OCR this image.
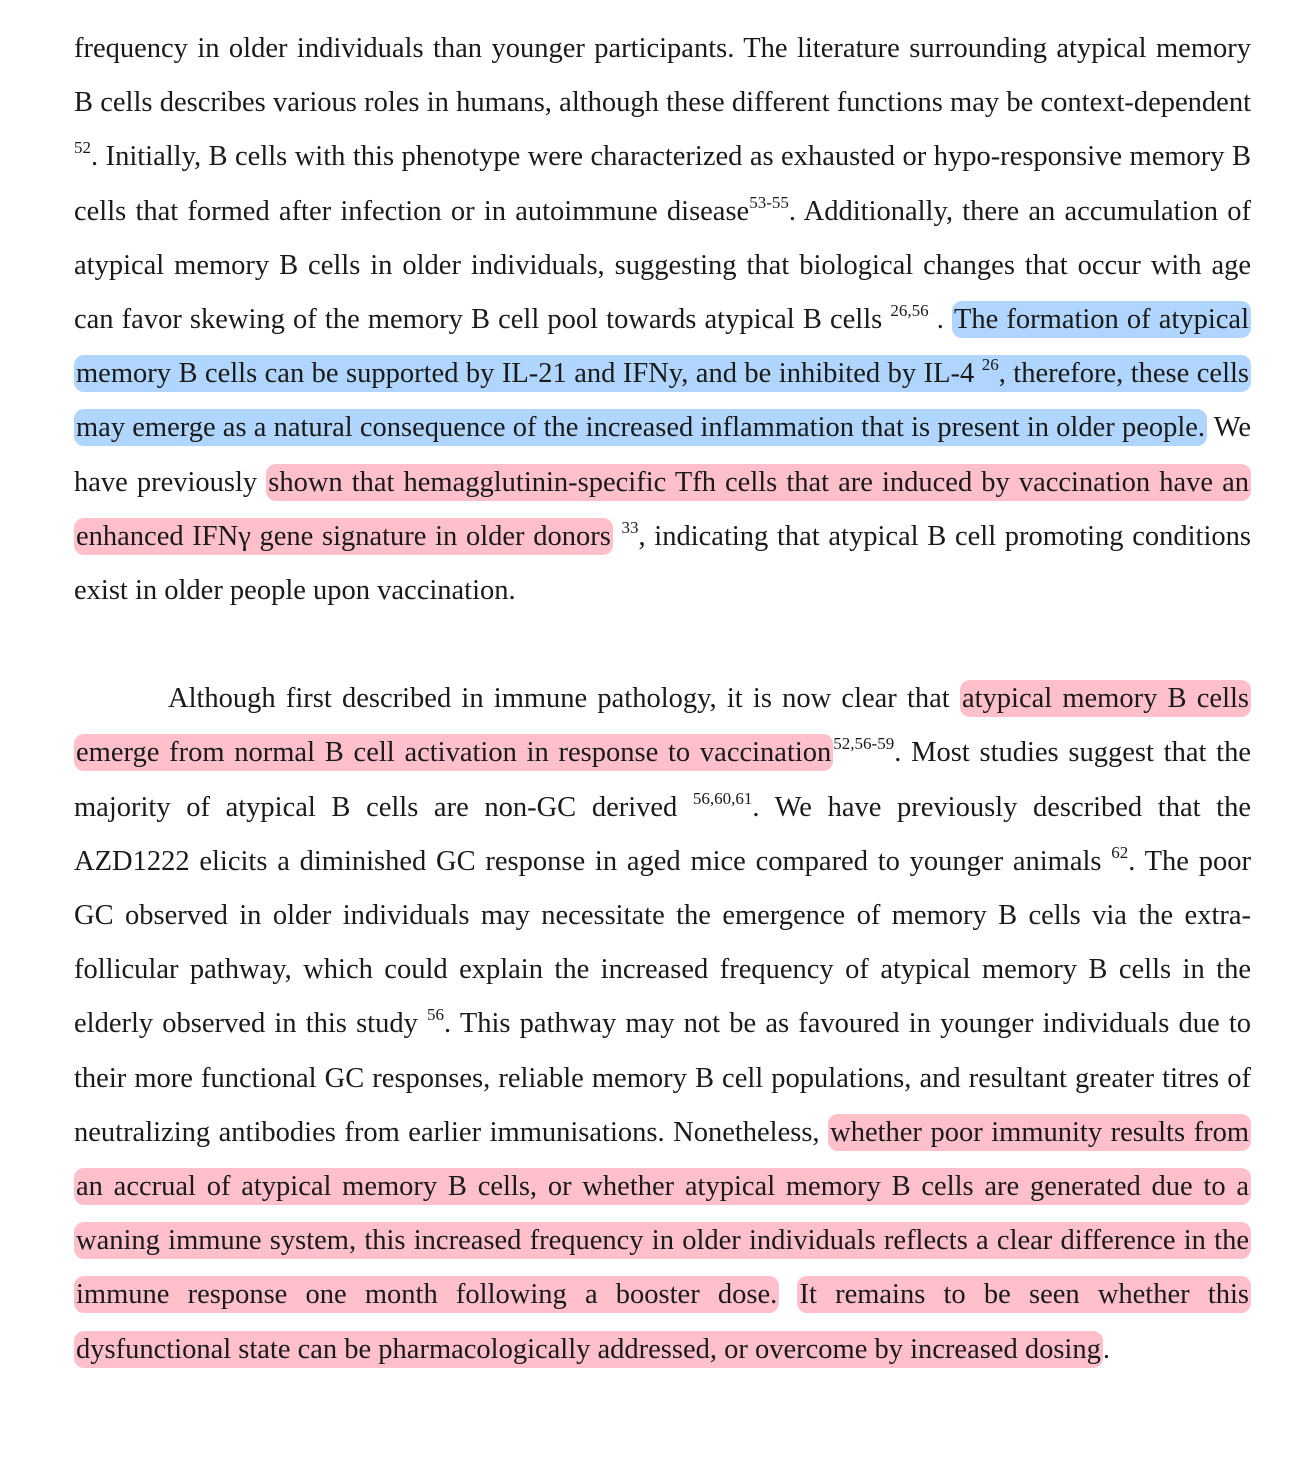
frequency in older individuals than younger participants. The literature surrounding atypical memory B cells describes various roles in humans, although these different functions may be context-dependent $^{52}$. Initially, B cells with this phenotype were characterized as exhausted or hypo-responsive memory B cells that formed after infection or in autoimmune disease$^{53-55}$. Additionally, there an accumulation of atypical memory B cells in older individuals, suggesting that biological changes that occur with age can favor skewing of the memory B cell pool towards atypical B cells $^{26,56}$ . The formation of atypical memory B cells can be supported by IL-21 and IFNy, and be inhibited by IL-4 $^{26}$, therefore, these cells may emerge as a natural consequence of the increased inflammation that is present in older people. We have previously shown that hemagglutinin-specific Tfh cells that are induced by vaccination have an enhanced IFNγ gene signature in older donors $^{33}$, indicating that atypical B cell promoting conditions exist in older people upon vaccination.

Although first described in immune pathology, it is now clear that atypical memory B cells emerge from normal B cell activation in response to vaccination $^{52,56-59}$. Most studies suggest that the majority of atypical B cells are non-GC derived $^{56,60,61}$. We have previously described that the AZD1222 elicits a diminished GC response in aged mice compared to younger animals $^{62}$. The poor GC observed in older individuals may necessitate the emergence of memory B cells via the extra-follicular pathway, which could explain the increased frequency of atypical memory B cells in the elderly observed in this study $^{56}$. This pathway may not be as favoured in younger individuals due to their more functional GC responses, reliable memory B cell populations, and resultant greater titres of neutralizing antibodies from earlier immunisations. Nonetheless, whether poor immunity results from an accrual of atypical memory B cells, or whether atypical memory B cells are generated due to a waning immune system, this increased frequency in older individuals reflects a clear difference in the immune response one month following a booster dose. It remains to be seen whether this dysfunctional state can be pharmacologically addressed, or overcome by increased dosing.
